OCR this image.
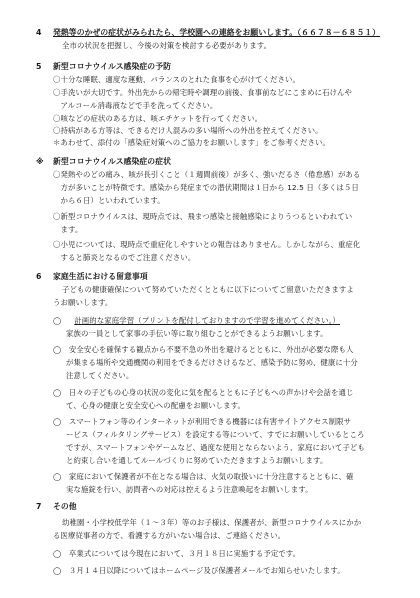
4 発熱等のかぜの症状がみられたら、学校園への連絡をお願いします。（６６７８－６８５１）
全市の状況を把握し、今後の対策を検討する必要があります。
5 新型コロナウイルス感染症の予防
〇十分な睡眠、適度な運動、バランスのとれた食事を心がけてください。
〇手洗いが大切です。外出先からの帰宅時や調理の前後、食事前などにこまめに石けんや
　アルコール消毒液などで手を洗ってください。
〇咳などの症状のある方は、咳エチケットを行ってください。
〇持病がある方等は、できるだけ人混みの多い場所への外出を控えてください。
＊あわせて、添付の「感染症対策へのご協力をお願いします」をご参考ください。
※ 新型コロナウイルス感染症の症状
〇発熱やのどの痛み、咳が長引くこと（１週間前後）が多く、強いだるさ（倦怠感）がある
　方が多いことが特徴です。感染から発症までの潜伏期間は１日から 12.5 日（多くは５日
　から６日）といわれています。
〇新型コロナウイルスは、現時点では、飛まつ感染と接触感染によりうつるといわれてい
　ます。
〇小児については、現時点で重症化しやすいとの報告はありません。しかしながら、重症化
　すると肺炎となるのでご注意ください。
6 家庭生活における留意事項
子どもの健康確保について努めていただくとともに以下についてご留意いただきますよ
うお願いします。
◯ 計画的な家庭学習（プリントを配付しておりますので学習を進めてください。）
家族の一員として家事の手伝い等に取り組むことができるようお願いします。
◯　安全安心を確保する観点から不要不急の外出を避けるとともに、外出が必要な際も人
が集まる場所や交通機関の利用をできるだけさけるなど、感染予防に努め、健康に十分
注意してください。
◯　日々の子どもの心身の状況の変化に気を配るとともに子どもへの声かけや会話を通じ
て、心身の健康と安全安心への配慮をお願いします。
◯　スマートフォン等のインターネットが利用できる機器には有害サイトアクセス制限サ
ービス（フィルタリングサービス）を設定する等について、すでにお願いしているところ
ですが、スマートフォンやゲームなど、過度な使用とならないよう、家庭において子ども
と約束し合いを通してルールづくりに努めていただきますようお願いします。
◯　家庭において保護者が不在となる場合は、火気の取扱いに十分注意するとともに、確
実な施錠を行い、訪問者への対応は控えるよう注意喚起をお願いします。
7 その他
幼稚園・小学校低学年（１～３年）等のお子様は、保護者が、新型コロナウイルスにかか
る医療従事者の方で、看護する方がいない場合は、ご連絡ください。
◯　卒業式については今現在において、３月１８日に実施する予定です。
◯　３月１４日以降についてはホームページ及び保護者メールでお知らせいたします。
